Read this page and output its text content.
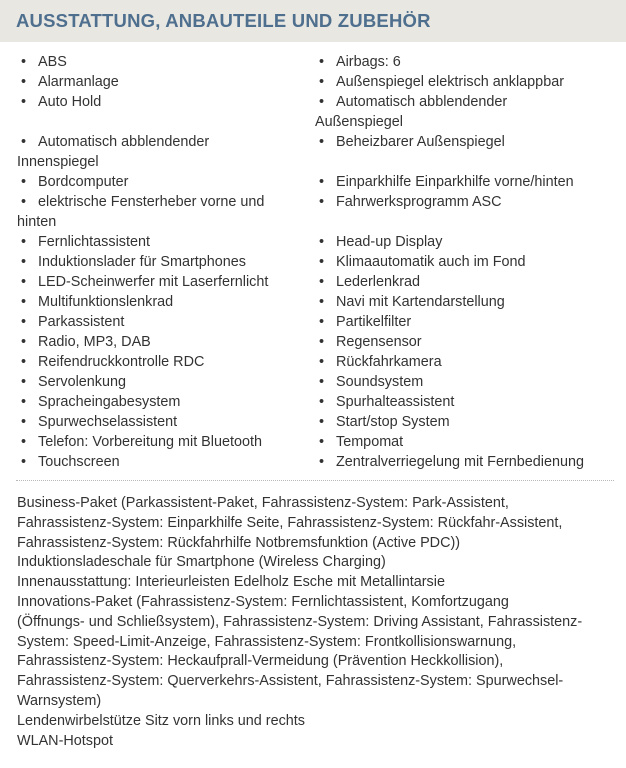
AUSSTATTUNG, ANBAUTEILE UND ZUBEHÖR
• ABS
• Alarmanlage
• Auto Hold
• Automatisch abblendender
Innenspiegel
• Bordcomputer
• elektrische Fensterheber vorne und
hinten
• Fernlichtassistent
• Induktionslader für Smartphones
• LED-Scheinwerfer mit Laserfernlicht
• Multifunktionslenkrad
• Parkassistent
• Radio, MP3, DAB
• Reifendruckkontrolle RDC
• Servolenkung
• Spracheingabesystem
• Spurwechselassistent
• Telefon: Vorbereitung mit Bluetooth
• Touchscreen
• Airbags: 6
• Außenspiegel elektrisch anklappbar
• Automatisch abblendender
Außenspiegel
• Beheizbarer Außenspiegel
• Einparkhilfe Einparkhilfe vorne/hinten
• Fahrwerksprogramm ASC
• Head-up Display
• Klimaautomatik auch im Fond
• Lederlenkrad
• Navi mit Kartendarstellung
• Partikelfilter
• Regensensor
• Rückfahrkamera
• Soundsystem
• Spurhalteassistent
• Start/stop System
• Tempomat
• Zentralverriegelung mit Fernbedienung
Business-Paket (Parkassistent-Paket, Fahrassistenz-System: Park-Assistent,
Fahrassistenz-System: Einparkhilfe Seite, Fahrassistenz-System: Rückfahr-Assistent,
Fahrassistenz-System: Rückfahrhilfe Notbremsfunktion (Active PDC))
Induktionsladeschale für Smartphone (Wireless Charging)
Innenausstattung: Interieurleisten Edelholz Esche mit Metallintarsie
Innovations-Paket (Fahrassistenz-System: Fernlichtassistent, Komfortzugang
(Öffnungs- und Schließsystem), Fahrassistenz-System: Driving Assistant, Fahrassistenz-
System: Speed-Limit-Anzeige, Fahrassistenz-System: Frontkollisionswarnung,
Fahrassistenz-System: Heckaufprall-Vermeidung (Prävention Heckkollision),
Fahrassistenz-System: Querverkehrs-Assistent, Fahrassistenz-System: Spurwechsel-
Warnsystem)
Lendenwirbelstütze Sitz vorn links und rechts
WLAN-Hotspot
